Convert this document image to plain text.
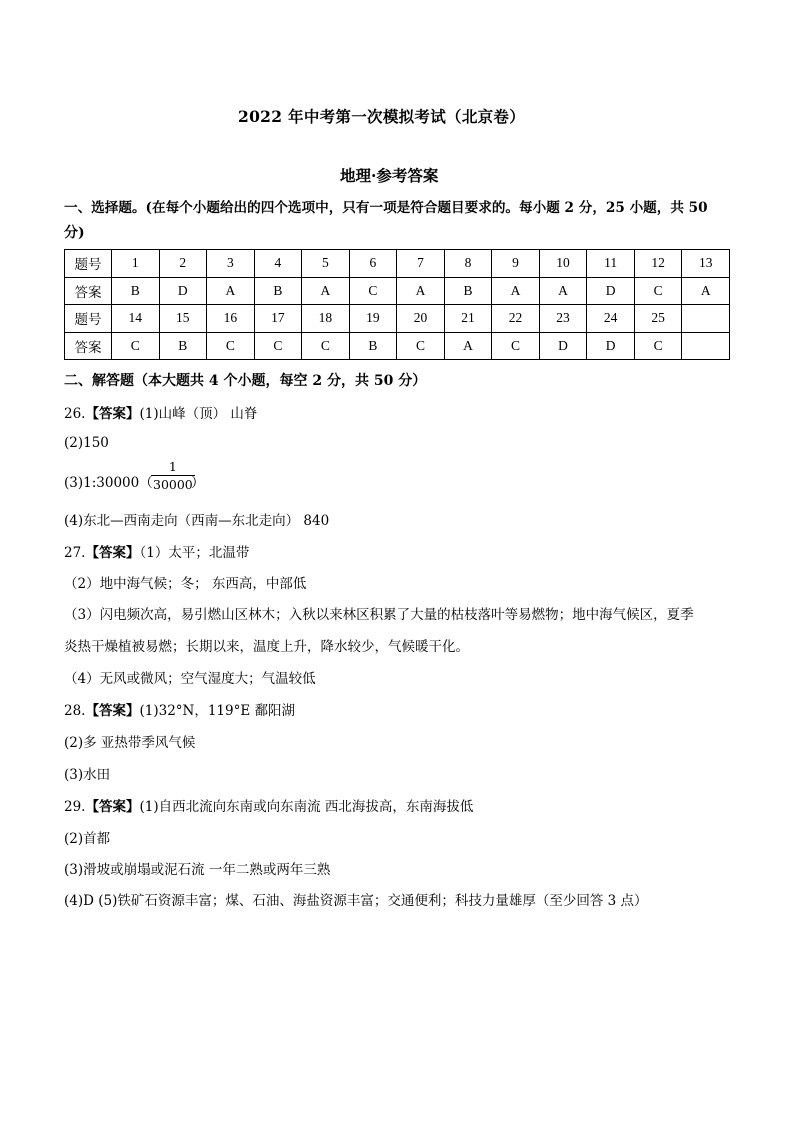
2022 年中考第一次模拟考试（北京卷）
地理·参考答案
一、选择题。(在每个小题给出的四个选项中，只有一项是符合题目要求的。每小题 2 分，25 小题，共 50
分)
题号	1	2	3	4	5	6	7	8	9	10	11	12	13
答案	B	D	A	B	A	C	A	B	A	A	D	C	A
题号	14	15	16	17	18	19	20	21	22	23	24	25	
答案	C	B	C	C	C	B	C	A	C	D	D	C	
二、解答题（本大题共 4 个小题，每空 2 分，共 50 分）
26.【答案】(1)山峰（顶） 山脊
(2)150
(3)1:30000（
1
30000
）
(4)东北—西南走向（西南—东北走向） 840
27.【答案】（1）太平；北温带
（2）地中海气候；冬； 东西高，中部低
（3）闪电频次高，易引燃山区林木；入秋以来林区积累了大量的枯枝落叶等易燃物；地中海气候区，夏季
炎热干燥植被易燃；长期以来，温度上升，降水较少，气候暖干化。
（4）无风或微风；空气湿度大；气温较低
28.【答案】(1)32°N，119°E 鄱阳湖
(2)多 亚热带季风气候
(3)水田
29.【答案】(1)自西北流向东南或向东南流 西北海拔高，东南海拔低
(2)首都
(3)滑坡或崩塌或泥石流 一年二熟或两年三熟
(4)D (5)铁矿石资源丰富；煤、石油、海盐资源丰富；交通便利；科技力量雄厚（至少回答 3 点）
